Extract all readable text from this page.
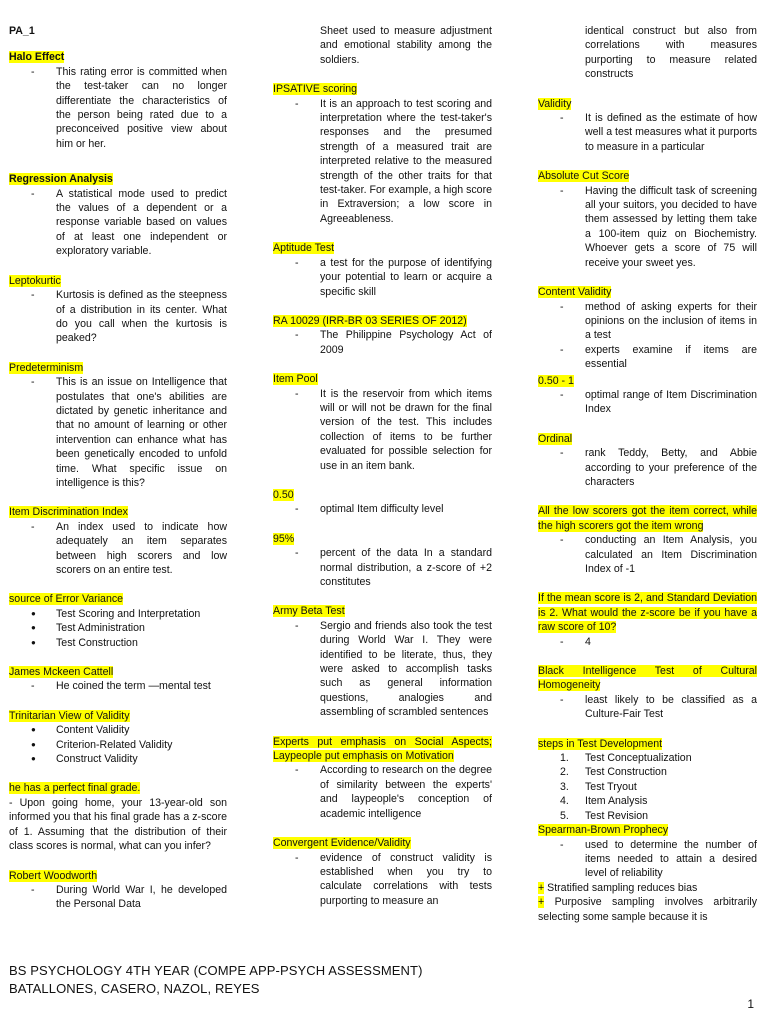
PA_1
Halo Effect
- This rating error is committed when the test-taker can no longer differentiate the characteristics of the person being rated due to a preconceived positive view about him or her.
Regression Analysis
- A statistical mode used to predict the values of a dependent or a response variable based on values of at least one independent or exploratory variable.
Leptokurtic
- Kurtosis is defined as the steepness of a distribution in its center. What do you call when the kurtosis is peaked?
Predeterminism
- This is an issue on Intelligence that postulates that one's abilities are dictated by genetic inheritance and that no amount of learning or other intervention can enhance what has been genetically encoded to unfold time. What specific issue on intelligence is this?
Item Discrimination Index
- An index used to indicate how adequately an item separates between high scorers and low scorers on an entire test.
source of Error Variance
● Test Scoring and Interpretation
● Test Administration
● Test Construction
James Mckeen Cattell
- He coined the term —mental test
Trinitarian View of Validity
● Content Validity
● Criterion-Related Validity
● Construct Validity
he has a perfect final grade.
- Upon going home, your 13-year-old son informed you that his final grade has a z-score of 1. Assuming that the distribution of their class scores is normal, what can you infer?
Robert Woodworth
- During World War I, he developed the Personal Data
Sheet used to measure adjustment and emotional stability among the soldiers.
IPSATIVE scoring
- It is an approach to test scoring and interpretation where the test-taker's responses and the presumed strength of a measured trait are interpreted relative to the measured strength of the other traits for that test-taker. For example, a high score in Extraversion; a low score in Agreeableness.
Aptitude Test
- a test for the purpose of identifying your potential to learn or acquire a specific skill
RA 10029 (IRR-BR 03 SERIES OF 2012)
- The Philippine Psychology Act of 2009
Item Pool
- It is the reservoir from which items will or will not be drawn for the final version of the test. This includes collection of items to be further evaluated for possible selection for use in an item bank.
0.50
- optimal Item difficulty level
95%
- percent of the data In a standard normal distribution, a z-score of +2 constitutes
Army Beta Test
- Sergio and friends also took the test during World War I. They were identified to be literate, thus, they were asked to accomplish tasks such as general information questions, analogies and assembling of scrambled sentences
Experts put emphasis on Social Aspects; Laypeople put emphasis on Motivation
- According to research on the degree of similarity between the experts' and laypeople's conception of academic intelligence
Convergent Evidence/Validity
- evidence of construct validity is established when you try to calculate correlations with tests purporting to measure an
identical construct but also from correlations with measures purporting to measure related constructs
Validity
- It is defined as the estimate of how well a test measures what it purports to measure in a particular
Absolute Cut Score
- Having the difficult task of screening all your suitors, you decided to have them assessed by letting them take a 100-item quiz on Biochemistry. Whoever gets a score of 75 will receive your sweet yes.
Content Validity
- method of asking experts for their opinions on the inclusion of items in a test
- experts examine if items are essential
0.50 - 1
- optimal range of Item Discrimination Index
Ordinal
- rank Teddy, Betty, and Abbie according to your preference of the characters
All the low scorers got the item correct, while the high scorers got the item wrong
- conducting an Item Analysis, you calculated an Item Discrimination Index of -1
If the mean score is 2, and Standard Deviation is 2. What would the z-score be if you have a raw score of 10?
- 4
Black Intelligence Test of Cultural Homogeneity
- least likely to be classified as a Culture-Fair Test
steps in Test Development
1. Test Conceptualization
2. Test Construction
3. Test Tryout
4. Item Analysis
5. Test Revision
Spearman-Brown Prophecy
- used to determine the number of items needed to attain a desired level of reliability
+ Stratified sampling reduces bias
+ Purposive sampling involves arbitrarily selecting some sample because it is
BS PSYCHOLOGY 4TH YEAR (COMPE APP-PSYCH ASSESSMENT)
BATALLONES, CASERO, NAZOL, REYES
1
